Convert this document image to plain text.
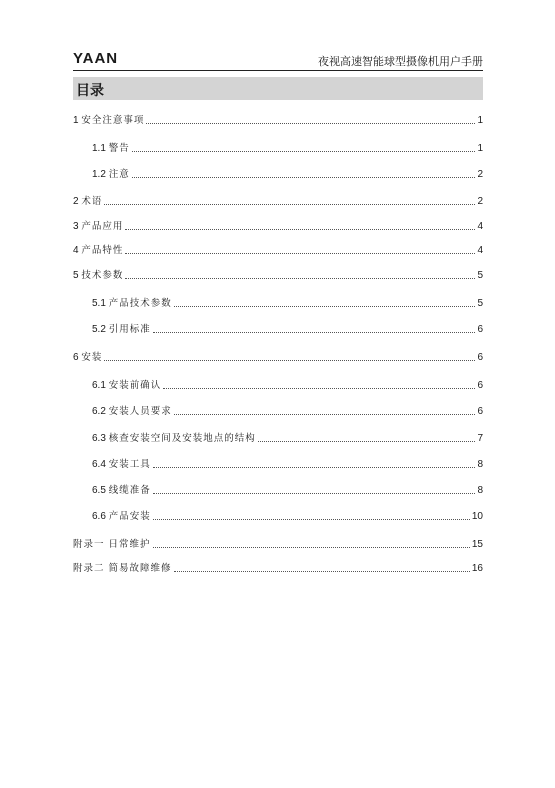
YAAN	夜视高速智能球型摄像机用户手册
目录
1 安全注意事项	1
1.1 警告	1
1.2 注意	2
2 术语	2
3 产品应用	4
4 产品特性	4
5 技术参数	5
5.1 产品技术参数	5
5.2 引用标准	6
6 安装	6
6.1 安装前确认	6
6.2 安装人员要求	6
6.3 核查安装空间及安装地点的结构	7
6.4 安装工具	8
6.5 线缆准备	8
6.6 产品安装	10
附录一 日常维护	15
附录二 简易故障维修	16
